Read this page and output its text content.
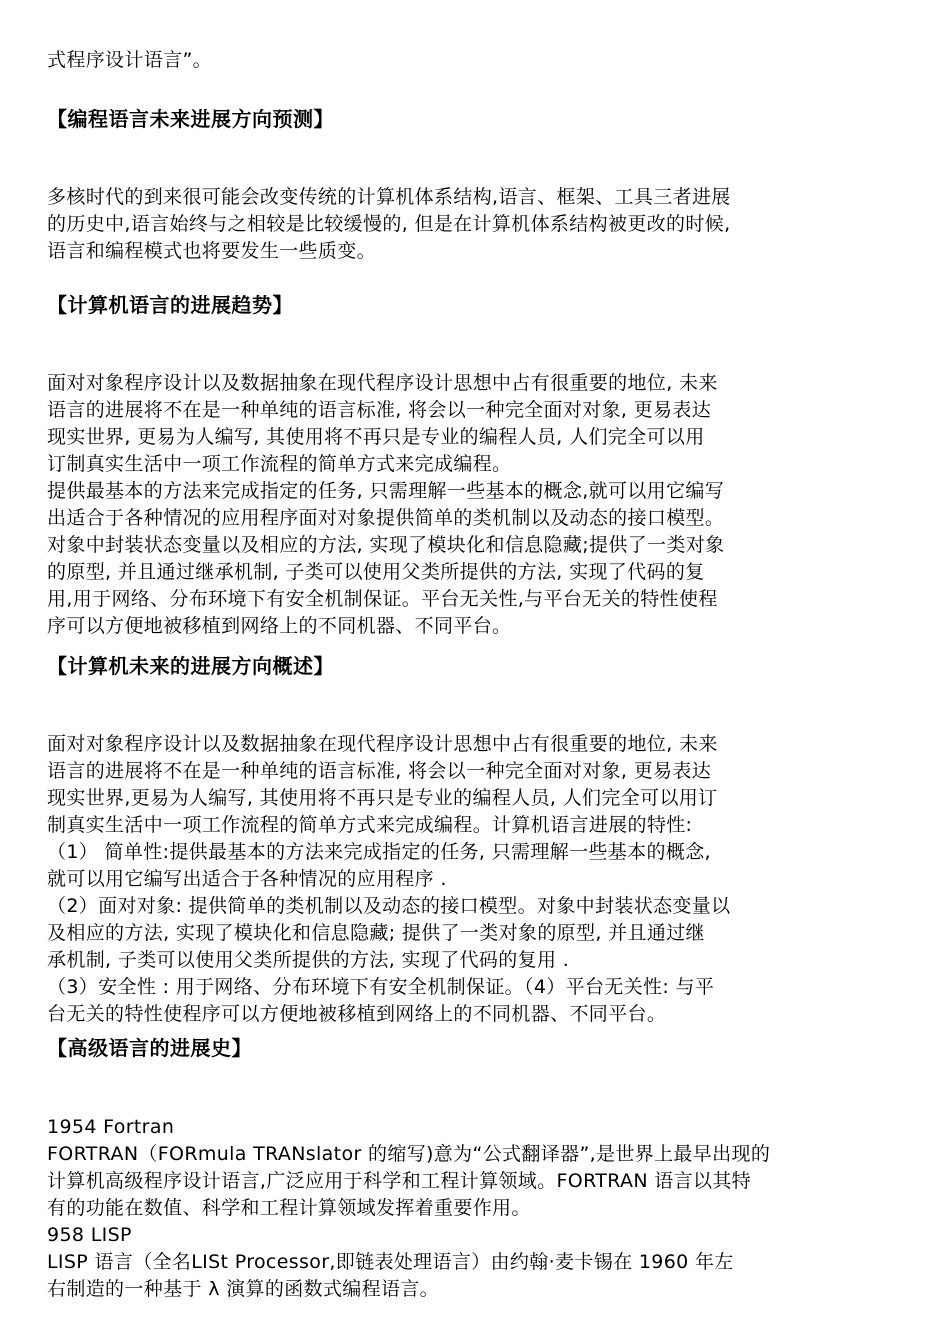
式程序设计语言”。
【编程语言未来进展方向预测】
多核时代的到来很可能会改变传统的计算机体系结构,语言、框架、工具三者进展
的历史中,语言始终与之相较是比较缓慢的, 但是在计算机体系结构被更改的时候,
语言和编程模式也将要发生一些质变。
【计算机语言的进展趋势】
面对对象程序设计以及数据抽象在现代程序设计思想中占有很重要的地位, 未来
语言的进展将不在是一种单纯的语言标准, 将会以一种完全面对对象, 更易表达
现实世界, 更易为人编写, 其使用将不再只是专业的编程人员, 人们完全可以用
订制真实生活中一项工作流程的简单方式来完成编程。
提供最基本的方法来完成指定的任务, 只需理解一些基本的概念,就可以用它编写
出适合于各种情况的应用程序面对对象提供简单的类机制以及动态的接口模型。
对象中封装状态变量以及相应的方法, 实现了模块化和信息隐藏;提供了一类对象
的原型, 并且通过继承机制, 子类可以使用父类所提供的方法, 实现了代码的复
用,用于网络、分布环境下有安全机制保证。平台无关性,与平台无关的特性使程
序可以方便地被移植到网络上的不同机器、不同平台。
【计算机未来的进展方向概述】
面对对象程序设计以及数据抽象在现代程序设计思想中占有很重要的地位, 未来
语言的进展将不在是一种单纯的语言标准, 将会以一种完全面对对象, 更易表达
现实世界,更易为人编写, 其使用将不再只是专业的编程人员, 人们完全可以用订
制真实生活中一项工作流程的简单方式来完成编程。计算机语言进展的特性:
（1） 简单性:提供最基本的方法来完成指定的任务, 只需理解一些基本的概念,
就可以用它编写出适合于各种情况的应用程序 .
（2）面对对象: 提供简单的类机制以及动态的接口模型。对象中封装状态变量以
及相应的方法, 实现了模块化和信息隐藏; 提供了一类对象的原型, 并且通过继
承机制, 子类可以使用父类所提供的方法, 实现了代码的复用 .
（3）安全性 : 用于网络、分布环境下有安全机制保证。（4）平台无关性: 与平
台无关的特性使程序可以方便地被移植到网络上的不同机器、不同平台。
【高级语言的进展史】
1954 Fortran
FORTRAN（FORmula TRANslator 的缩写)意为“公式翻译器”,是世界上最早出现的
计算机高级程序设计语言,广泛应用于科学和工程计算领域。FORTRAN 语言以其特
有的功能在数值、科学和工程计算领域发挥着重要作用。
958 LISP
LISP 语言（全名LISt Processor,即链表处理语言）由约翰·麦卡锡在 1960 年左
右制造的一种基于 λ 演算的函数式编程语言。
